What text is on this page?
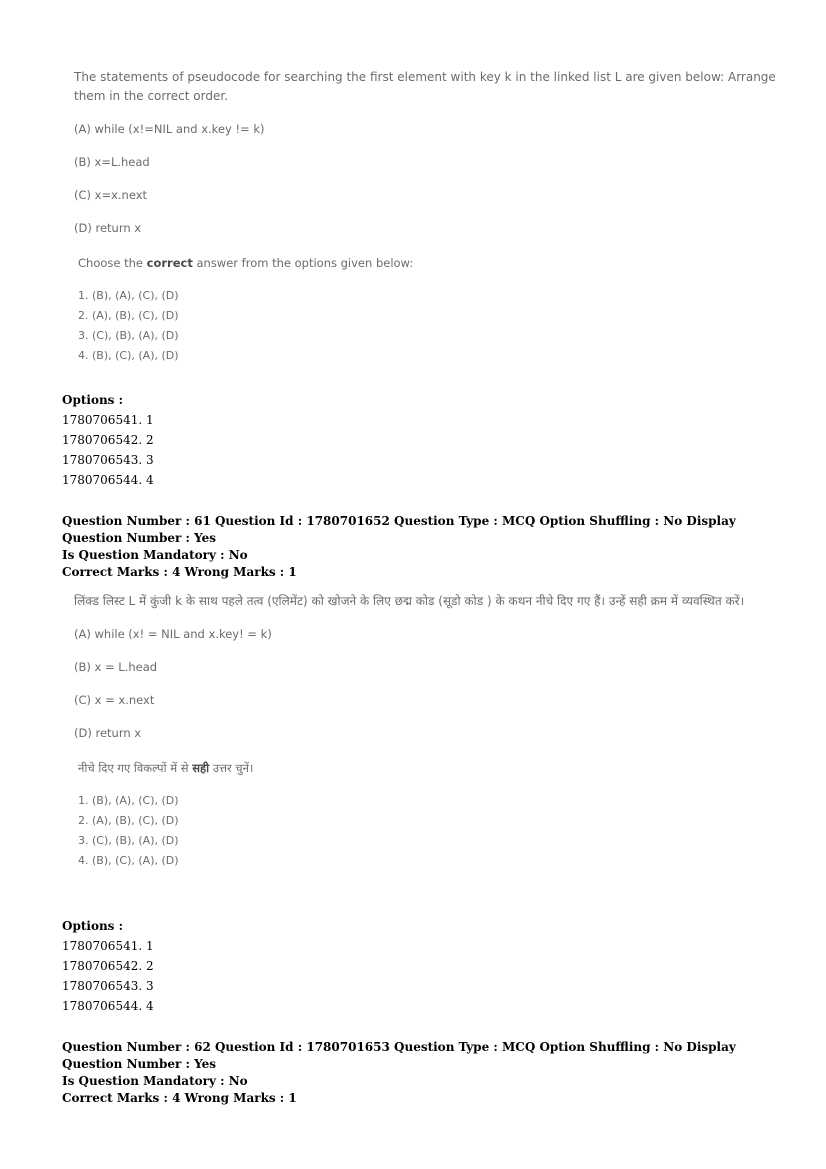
The statements of pseudocode for searching the first element with key k in the linked list L are given below: Arrange them in the correct order.
(A) while (x!=NIL and x.key != k)
(B) x=L.head
(C) x=x.next
(D) return x
Choose the correct answer from the options given below:
1. (B), (A), (C), (D)
2. (A), (B), (C), (D)
3. (C), (B), (A), (D)
4. (B), (C), (A), (D)
Options :
1780706541. 1
1780706542. 2
1780706543. 3
1780706544. 4
Question Number : 61 Question Id : 1780701652 Question Type : MCQ Option Shuffling : No Display Question Number : Yes
Is Question Mandatory : No
Correct Marks : 4 Wrong Marks : 1
लिंक्ड लिस्ट L में कुंजी k के साथ पहले तत्व (एलिमेंट) को खोजने के लिए छद्म कोड (सूडो कोड ) के कथन नीचे दिए गए हैं। उन्हें सही क्रम में व्यवस्थित करें।
(A) while (x! = NIL and x.key! = k)
(B) x = L.head
(C) x = x.next
(D) return x
नीचे दिए गए विकल्पों में से सही उत्तर चुनें।
1. (B), (A), (C), (D)
2. (A), (B), (C), (D)
3. (C), (B), (A), (D)
4. (B), (C), (A), (D)
Options :
1780706541. 1
1780706542. 2
1780706543. 3
1780706544. 4
Question Number : 62 Question Id : 1780701653 Question Type : MCQ Option Shuffling : No Display Question Number : Yes
Is Question Mandatory : No
Correct Marks : 4 Wrong Marks : 1
